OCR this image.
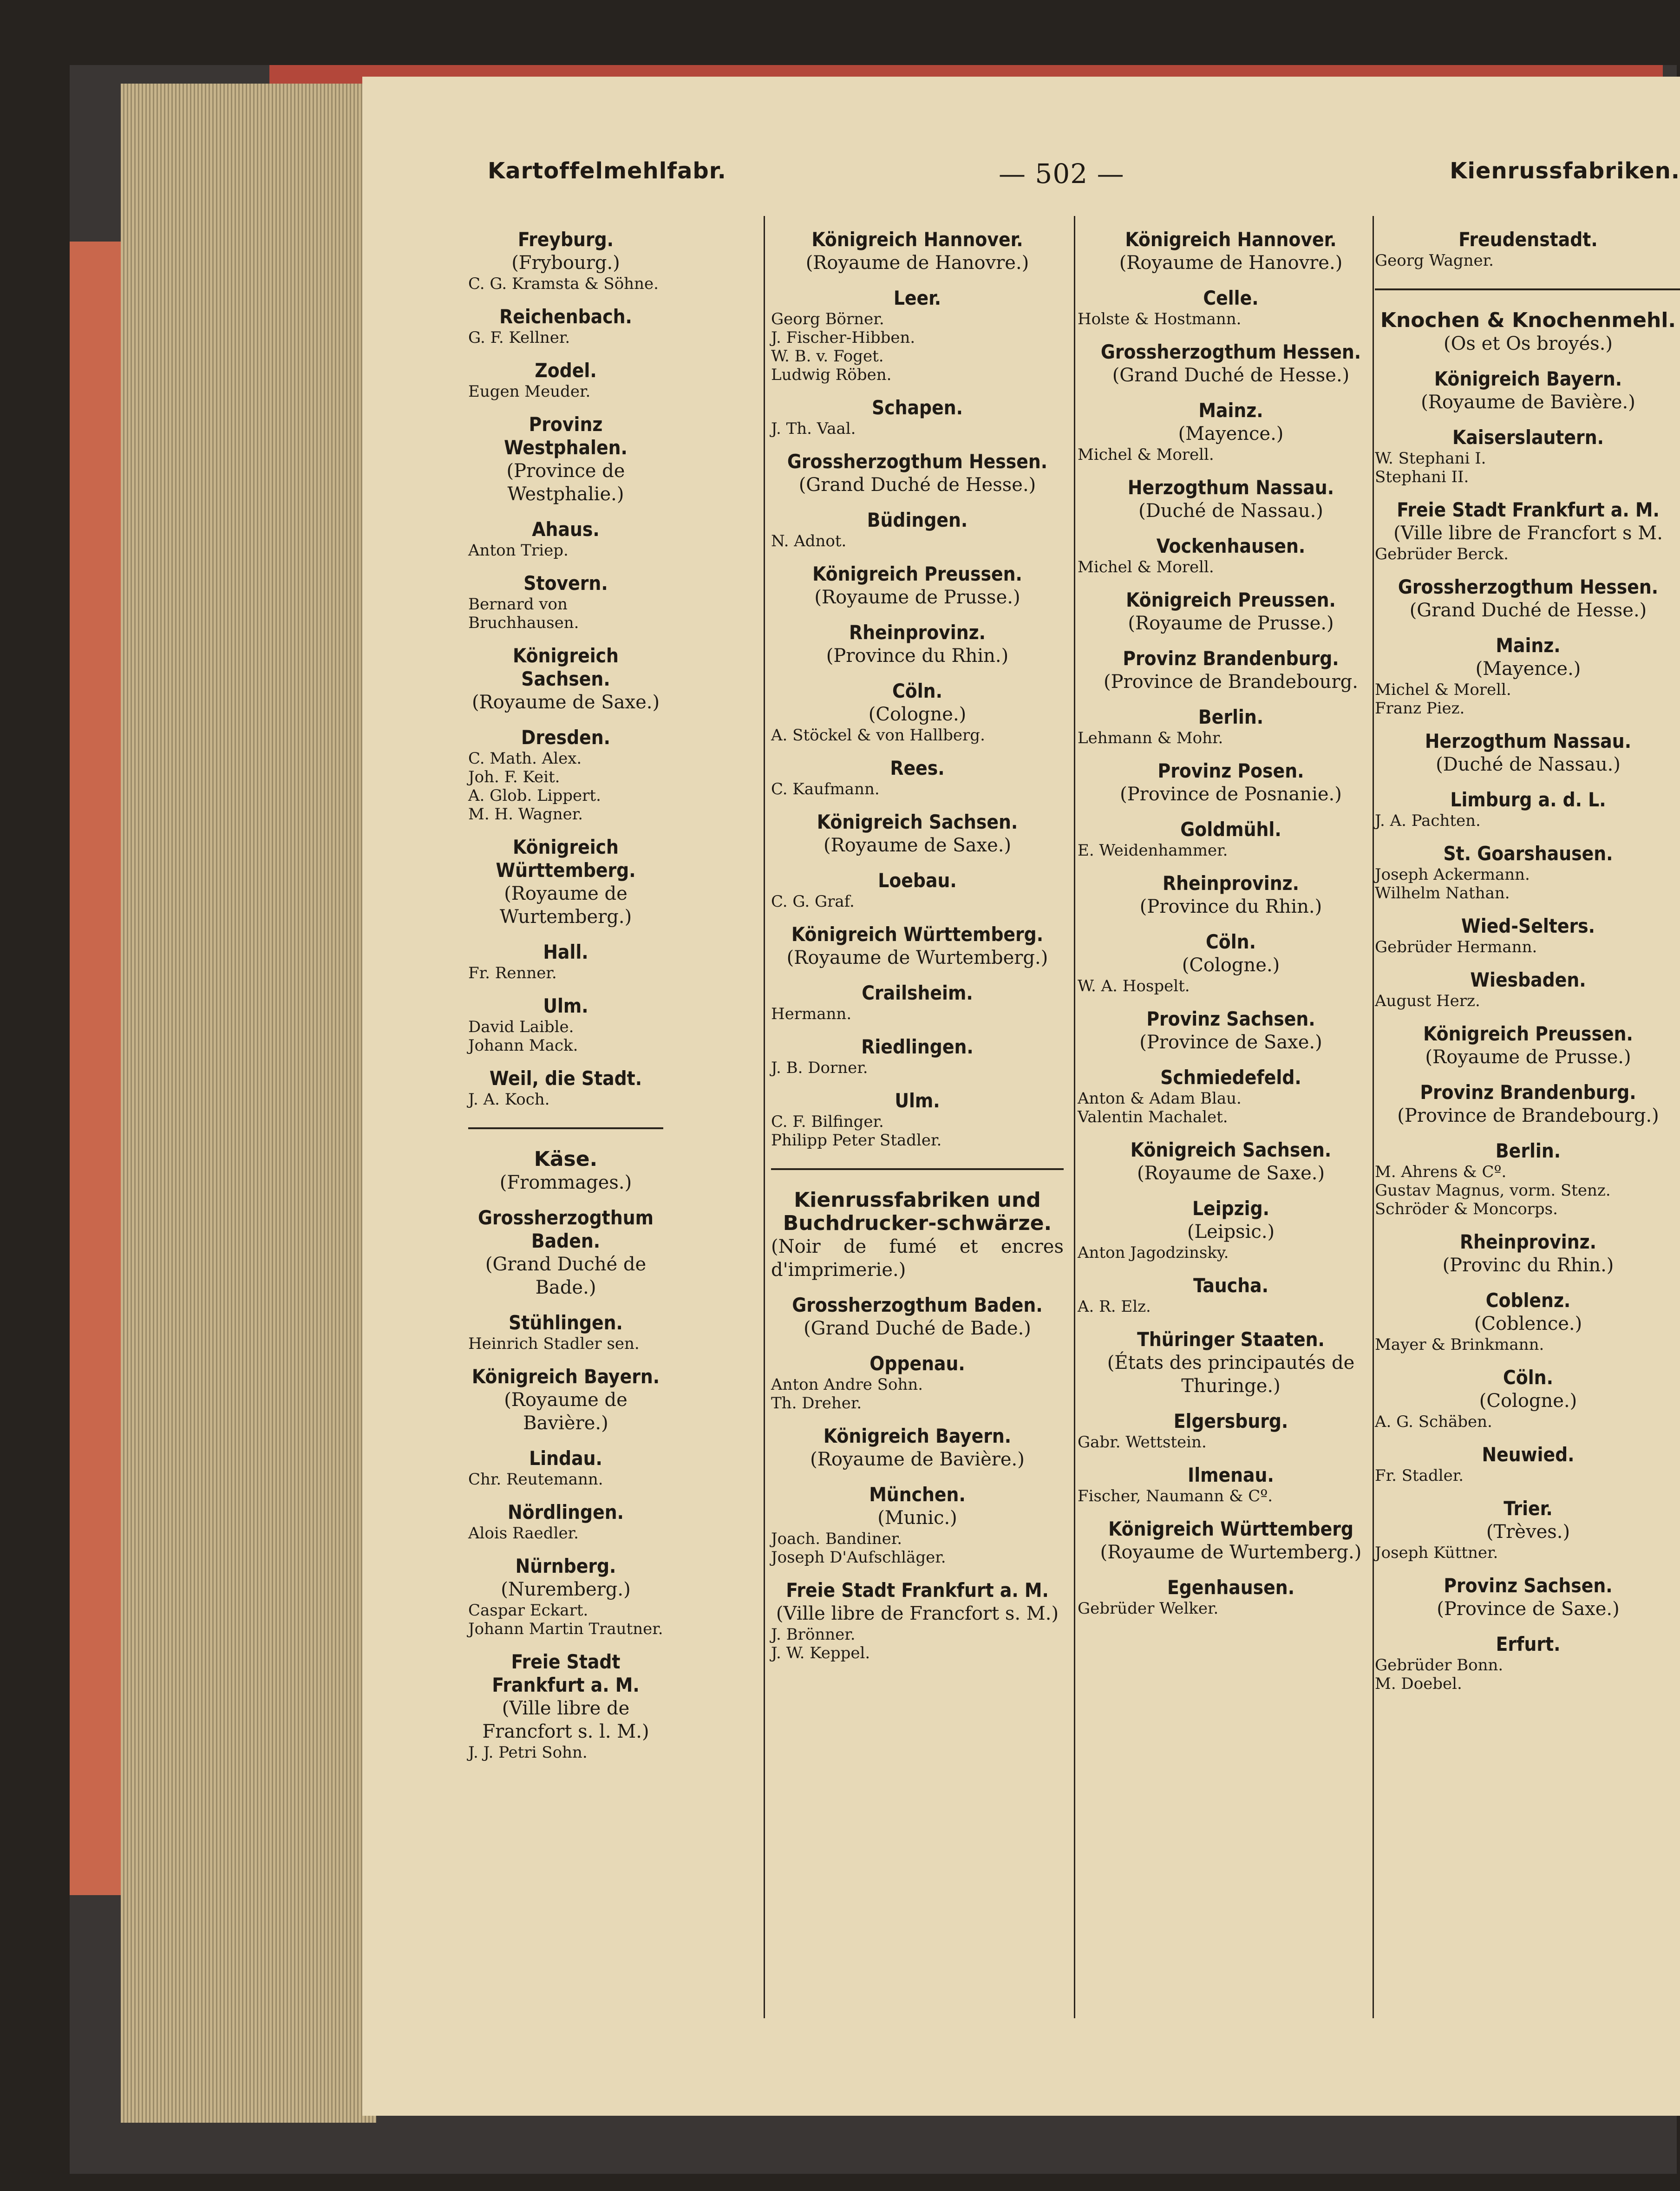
Kartoffelmehlfabr.	— 502 —	Kienrussfabriken.
Freyburg.
(Frybourg.)
C. G. Kramsta & Söhne.
Reichenbach.
G. F. Kellner.
Zodel.
Eugen Meuder.
Provinz Westphalen.
(Province de Westphalie.)
Ahaus.
Anton Triep.
Stovern.
Bernard von Bruchhausen.
Königreich Sachsen.
(Royaume de Saxe.)
Dresden.
C. Math. Alex.
Joh. F. Keit.
A. Glob. Lippert.
M. H. Wagner.
Königreich Württemberg.
(Royaume de Wurtemberg.)
Hall.
Fr. Renner.
Ulm.
David Laible.
Johann Mack.
Weil, die Stadt.
J. A. Koch.
Käse.
(Frommages.)
Grossherzogthum Baden.
(Grand Duché de Bade.)
Stühlingen.
Heinrich Stadler sen.
Königreich Bayern.
(Royaume de Bavière.)
Lindau.
Chr. Reutemann.
Nördlingen.
Alois Raedler.
Nürnberg.
(Nuremberg.)
Caspar Eckart.
Johann Martin Trautner.
Freie Stadt Frankfurt a. M.
(Ville libre de Francfort s. l. M.)
J. J. Petri Sohn.
Königreich Hannover.
(Royaume de Hanovre.)
Leer.
Georg Börner.
J. Fischer-Hibben.
W. B. v. Foget.
Ludwig Röben.
Schapen.
J. Th. Vaal.
Grossherzogthum Hessen.
(Grand Duché de Hesse.)
Büdingen.
N. Adnot.
Königreich Preussen.
(Royaume de Prusse.)
Rheinprovinz.
(Province du Rhin.)
Cöln.
(Cologne.)
A. Stöckel & von Hallberg.
Rees.
C. Kaufmann.
Königreich Sachsen.
(Royaume de Saxe.)
Loebau.
C. G. Graf.
Königreich Württemberg.
(Royaume de Wurtemberg.)
Crailsheim.
Hermann.
Riedlingen.
J. B. Dorner.
Ulm.
C. F. Bilfinger.
Philipp Peter Stadler.
Kienrussfabriken und Buchdrucker-schwärze.
(Noir de fumé et encres d'imprimerie.)
Grossherzogthum Baden.
(Grand Duché de Bade.)
Oppenau.
Anton Andre Sohn.
Th. Dreher.
Königreich Bayern.
(Royaume de Bavière.)
München.
(Munic.)
Joach. Bandiner.
Joseph D'Aufschläger.
Freie Stadt Frankfurt a. M.
(Ville libre de Francfort s. M.)
J. Brönner.
J. W. Keppel.
Königreich Hannover.
(Royaume de Hanovre.)
Celle.
Holste & Hostmann.
Grossherzogthum Hessen.
(Grand Duché de Hesse.)
Mainz.
(Mayence.)
Michel & Morell.
Herzogthum Nassau.
(Duché de Nassau.)
Vockenhausen.
Michel & Morell.
Königreich Preussen.
(Royaume de Prusse.)
Provinz Brandenburg.
(Province de Brandebourg.
Berlin.
Lehmann & Mohr.
Provinz Posen.
(Province de Posnanie.)
Goldmühl.
E. Weidenhammer.
Rheinprovinz.
(Province du Rhin.)
Cöln.
(Cologne.)
W. A. Hospelt.
Provinz Sachsen.
(Province de Saxe.)
Schmiedefeld.
Anton & Adam Blau.
Valentin Machalet.
Königreich Sachsen.
(Royaume de Saxe.)
Leipzig.
(Leipsic.)
Anton Jagodzinsky.
Taucha.
A. R. Elz.
Thüringer Staaten.
(États des principautés de Thuringe.)
Elgersburg.
Gabr. Wettstein.
Ilmenau.
Fischer, Naumann & Cº.
Königreich Württemberg
(Royaume de Wurtemberg.)
Egenhausen.
Gebrüder Welker.
Freudenstadt.
Georg Wagner.
Knochen & Knochenmehl.
(Os et Os broyés.)
Königreich Bayern.
(Royaume de Bavière.)
Kaiserslautern.
W. Stephani I.
Stephani II.
Freie Stadt Frankfurt a. M.
(Ville libre de Francfort s M.
Gebrüder Berck.
Grossherzogthum Hessen.
(Grand Duché de Hesse.)
Mainz.
(Mayence.)
Michel & Morell.
Franz Piez.
Herzogthum Nassau.
(Duché de Nassau.)
Limburg a. d. L.
J. A. Pachten.
St. Goarshausen.
Joseph Ackermann.
Wilhelm Nathan.
Wied-Selters.
Gebrüder Hermann.
Wiesbaden.
August Herz.
Königreich Preussen.
(Royaume de Prusse.)
Provinz Brandenburg.
(Province de Brandebourg.)
Berlin.
M. Ahrens & Cº.
Gustav Magnus, vorm. Stenz.
Schröder & Moncorps.
Rheinprovinz.
(Provinc du Rhin.)
Coblenz.
(Coblence.)
Mayer & Brinkmann.
Cöln.
(Cologne.)
A. G. Schäben.
Neuwied.
Fr. Stadler.
Trier.
(Trèves.)
Joseph Küttner.
Provinz Sachsen.
(Province de Saxe.)
Erfurt.
Gebrüder Bonn.
M. Doebel.
